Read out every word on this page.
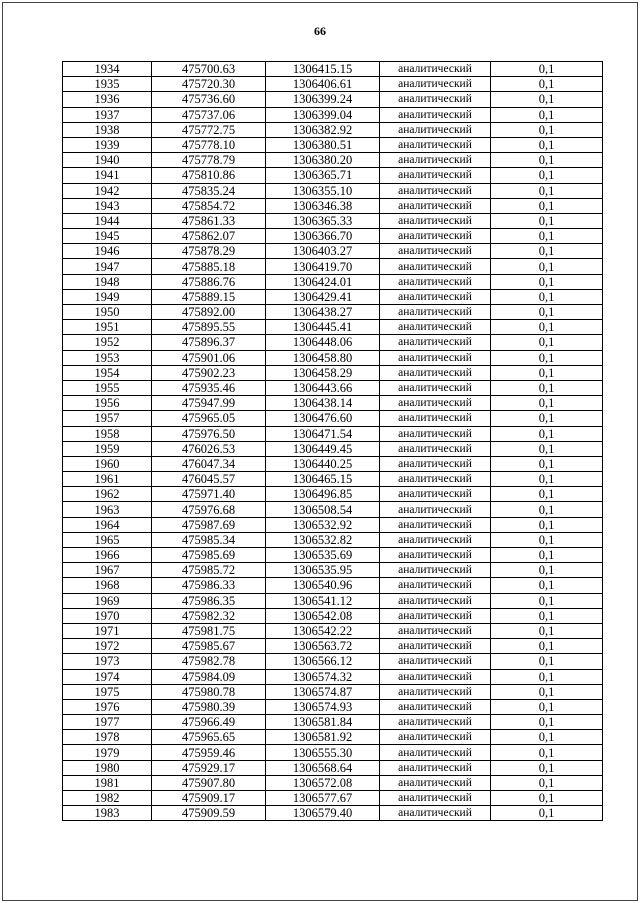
66
1934	475700.63	1306415.15	аналитический	0,1
1935	475720.30	1306406.61	аналитический	0,1
1936	475736.60	1306399.24	аналитический	0,1
1937	475737.06	1306399.04	аналитический	0,1
1938	475772.75	1306382.92	аналитический	0,1
1939	475778.10	1306380.51	аналитический	0,1
1940	475778.79	1306380.20	аналитический	0,1
1941	475810.86	1306365.71	аналитический	0,1
1942	475835.24	1306355.10	аналитический	0,1
1943	475854.72	1306346.38	аналитический	0,1
1944	475861.33	1306365.33	аналитический	0,1
1945	475862.07	1306366.70	аналитический	0,1
1946	475878.29	1306403.27	аналитический	0,1
1947	475885.18	1306419.70	аналитический	0,1
1948	475886.76	1306424.01	аналитический	0,1
1949	475889.15	1306429.41	аналитический	0,1
1950	475892.00	1306438.27	аналитический	0,1
1951	475895.55	1306445.41	аналитический	0,1
1952	475896.37	1306448.06	аналитический	0,1
1953	475901.06	1306458.80	аналитический	0,1
1954	475902.23	1306458.29	аналитический	0,1
1955	475935.46	1306443.66	аналитический	0,1
1956	475947.99	1306438.14	аналитический	0,1
1957	475965.05	1306476.60	аналитический	0,1
1958	475976.50	1306471.54	аналитический	0,1
1959	476026.53	1306449.45	аналитический	0,1
1960	476047.34	1306440.25	аналитический	0,1
1961	476045.57	1306465.15	аналитический	0,1
1962	475971.40	1306496.85	аналитический	0,1
1963	475976.68	1306508.54	аналитический	0,1
1964	475987.69	1306532.92	аналитический	0,1
1965	475985.34	1306532.82	аналитический	0,1
1966	475985.69	1306535.69	аналитический	0,1
1967	475985.72	1306535.95	аналитический	0,1
1968	475986.33	1306540.96	аналитический	0,1
1969	475986.35	1306541.12	аналитический	0,1
1970	475982.32	1306542.08	аналитический	0,1
1971	475981.75	1306542.22	аналитический	0,1
1972	475985.67	1306563.72	аналитический	0,1
1973	475982.78	1306566.12	аналитический	0,1
1974	475984.09	1306574.32	аналитический	0,1
1975	475980.78	1306574.87	аналитический	0,1
1976	475980.39	1306574.93	аналитический	0,1
1977	475966.49	1306581.84	аналитический	0,1
1978	475965.65	1306581.92	аналитический	0,1
1979	475959.46	1306555.30	аналитический	0,1
1980	475929.17	1306568.64	аналитический	0,1
1981	475907.80	1306572.08	аналитический	0,1
1982	475909.17	1306577.67	аналитический	0,1
1983	475909.59	1306579.40	аналитический	0,1
